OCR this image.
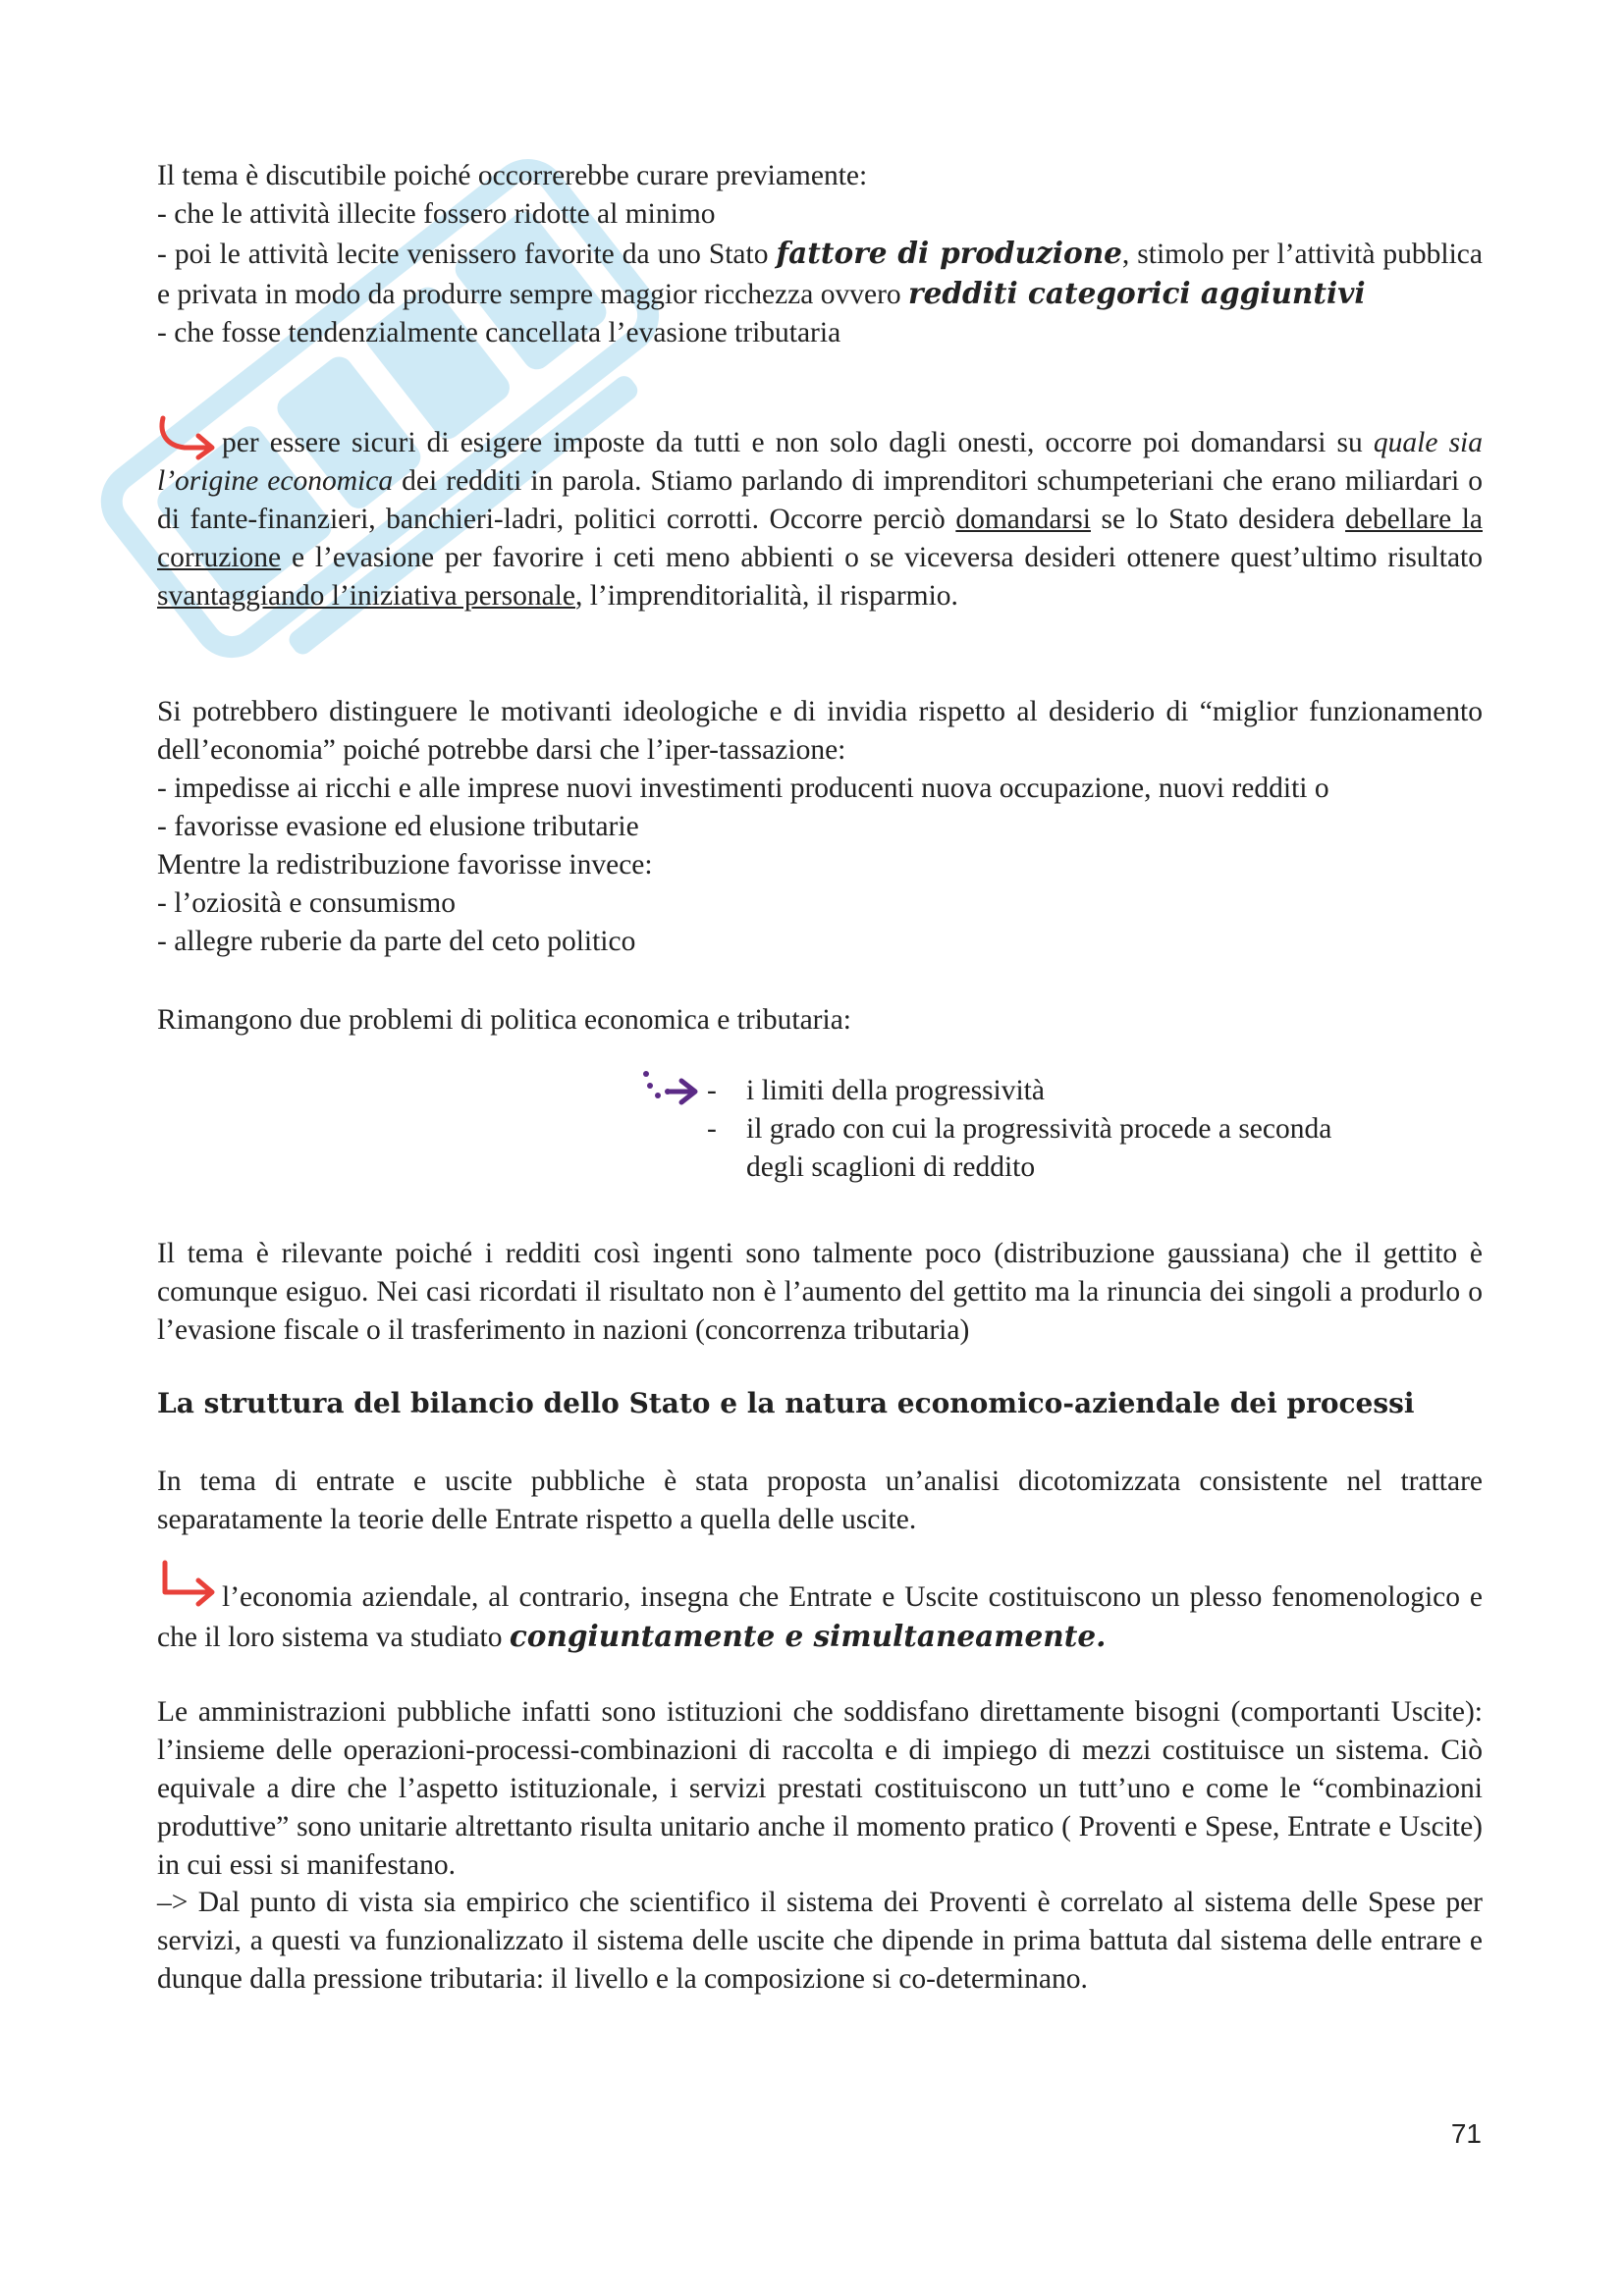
Il tema è discutibile poiché occorrerebbe curare previamente:
- che le attività illecite fossero ridotte al minimo

- poi le attività lecite venissero favorite da uno Stato fattore di produzione, stimolo per l’attività pubblica e privata in modo da produrre sempre maggior ricchezza ovvero redditi categorici aggiuntivi

- che fosse tendenzialmente cancellata l’evasione tributaria

per essere sicuri di esigere imposte da tutti e non solo dagli onesti, occorre poi domandarsi su quale sia l’origine economica dei redditi in parola. Stiamo parlando di imprenditori schumpeteriani che erano miliardari o di fante-finanzieri, banchieri-ladri, politici corrotti. Occorre perciò domandarsi se lo Stato desidera debellare la corruzione e l’evasione per favorire i ceti meno abbienti o se viceversa desideri ottenere quest’ultimo risultato svantaggiando l’iniziativa personale, l’imprenditorialità, il risparmio.

Si potrebbero distinguere le motivanti ideologiche e di invidia rispetto al desiderio di “miglior funzionamento dell’economia” poiché potrebbe darsi che l’iper-tassazione:

- impedisse ai ricchi e alle imprese nuovi investimenti producenti nuova occupazione, nuovi redditi o
- favorisse evasione ed elusione tributarie
Mentre la redistribuzione favorisse invece:
- l’oziosità e consumismo
- allegre ruberie da parte del ceto politico
Rimangono due problemi di politica economica e tributaria:
- i limiti della progressività
- il grado con cui la progressività procede a seconda
degli scaglioni di reddito

Il tema è rilevante poiché i redditi così ingenti sono talmente poco (distribuzione gaussiana) che il gettito è comunque esiguo. Nei casi ricordati il risultato non è l’aumento del gettito ma la rinuncia dei singoli a produrlo o l’evasione fiscale o il trasferimento in nazioni (concorrenza tributaria)

La struttura del bilancio dello Stato e la natura economico-aziendale dei processi

In tema di entrate e uscite pubbliche è stata proposta un’analisi dicotomizzata consistente nel trattare separatamente la teorie delle Entrate rispetto a quella delle uscite.

l’economia aziendale, al contrario, insegna che Entrate e Uscite costituiscono un plesso fenomenologico e che il loro sistema va studiato congiuntamente e simultaneamente.

Le amministrazioni pubbliche infatti sono istituzioni che soddisfano direttamente bisogni (comportanti Uscite): l’insieme delle operazioni-processi-combinazioni di raccolta e di impiego di mezzi costituisce un sistema. Ciò equivale a dire che l’aspetto istituzionale, i servizi prestati costituiscono un tutt’uno e come le “combinazioni produttive” sono unitarie altrettanto risulta unitario anche il momento pratico ( Proventi e Spese, Entrate e Uscite) in cui essi si manifestano.

–> Dal punto di vista sia empirico che scientifico il sistema dei Proventi è correlato al sistema delle Spese per servizi, a questi va funzionalizzato il sistema delle uscite che dipende in prima battuta dal sistema delle entrare e dunque dalla pressione tributaria: il livello e la composizione si co-determinano.

71
